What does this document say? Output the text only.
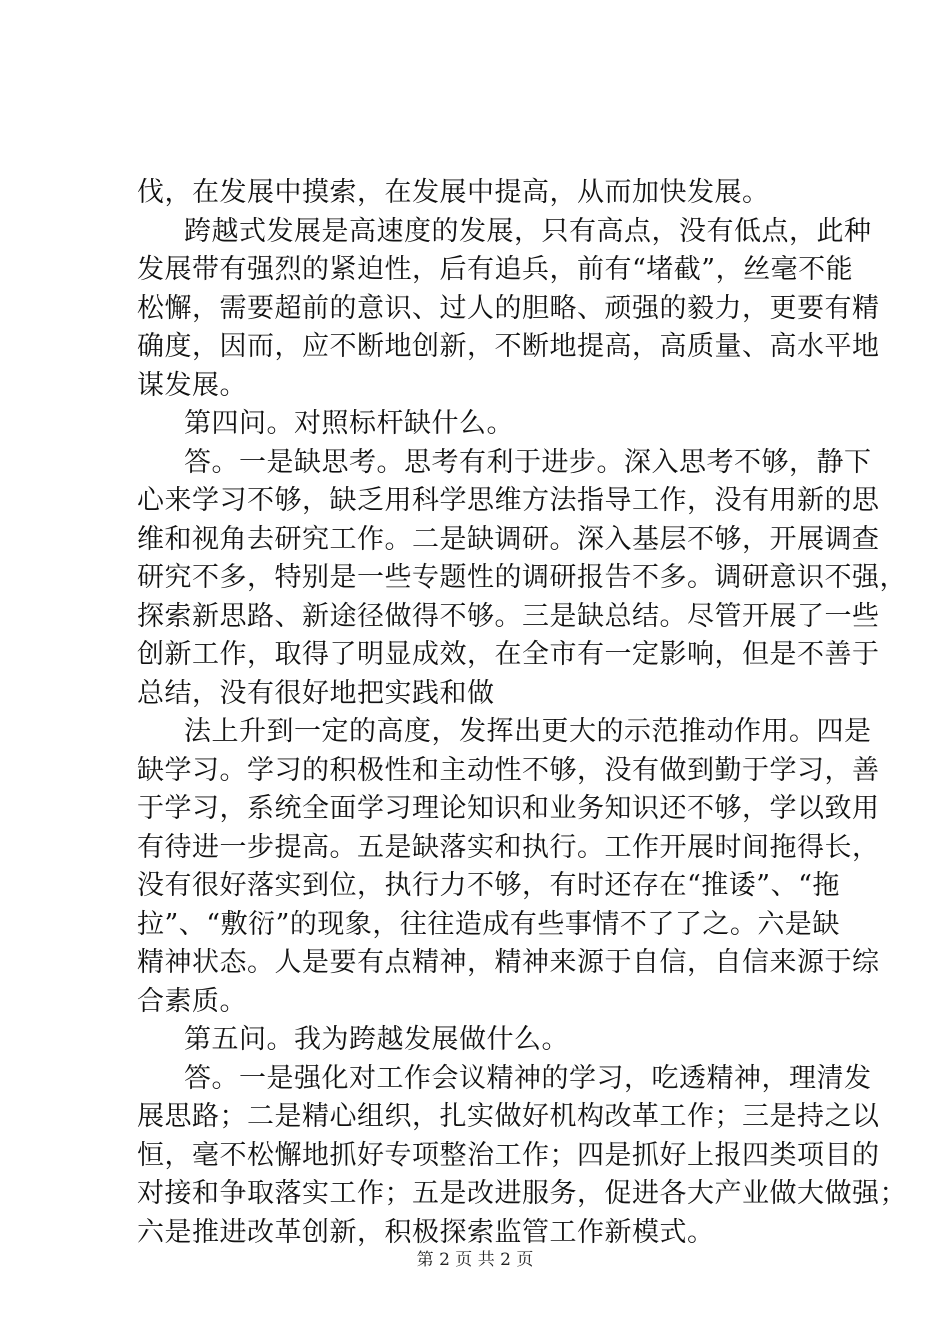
伐，在发展中摸索，在发展中提高，从而加快发展。
跨越式发展是高速度的发展，只有高点，没有低点，此种
发展带有强烈的紧迫性，后有追兵，前有“堵截”，丝毫不能
松懈，需要超前的意识、过人的胆略、顽强的毅力，更要有精
确度，因而，应不断地创新，不断地提高，高质量、高水平地
谋发展。
第四问。对照标杆缺什么。
答。一是缺思考。思考有利于进步。深入思考不够，静下
心来学习不够，缺乏用科学思维方法指导工作，没有用新的思
维和视角去研究工作。二是缺调研。深入基层不够，开展调查
研究不多，特别是一些专题性的调研报告不多。调研意识不强，
探索新思路、新途径做得不够。三是缺总结。尽管开展了一些
创新工作，取得了明显成效，在全市有一定影响，但是不善于
总结，没有很好地把实践和做
法上升到一定的高度，发挥出更大的示范推动作用。四是
缺学习。学习的积极性和主动性不够，没有做到勤于学习，善
于学习，系统全面学习理论知识和业务知识还不够，学以致用
有待进一步提高。五是缺落实和执行。工作开展时间拖得长，
没有很好落实到位，执行力不够，有时还存在“推诿”、“拖
拉”、“敷衍”的现象，往往造成有些事情不了了之。六是缺
精神状态。人是要有点精神，精神来源于自信，自信来源于综
合素质。
第五问。我为跨越发展做什么。
答。一是强化对工作会议精神的学习，吃透精神，理清发
展思路；二是精心组织，扎实做好机构改革工作；三是持之以
恒，毫不松懈地抓好专项整治工作；四是抓好上报四类项目的
对接和争取落实工作；五是改进服务，促进各大产业做大做强；
六是推进改革创新，积极探索监管工作新模式。
第 2 页 共 2 页
